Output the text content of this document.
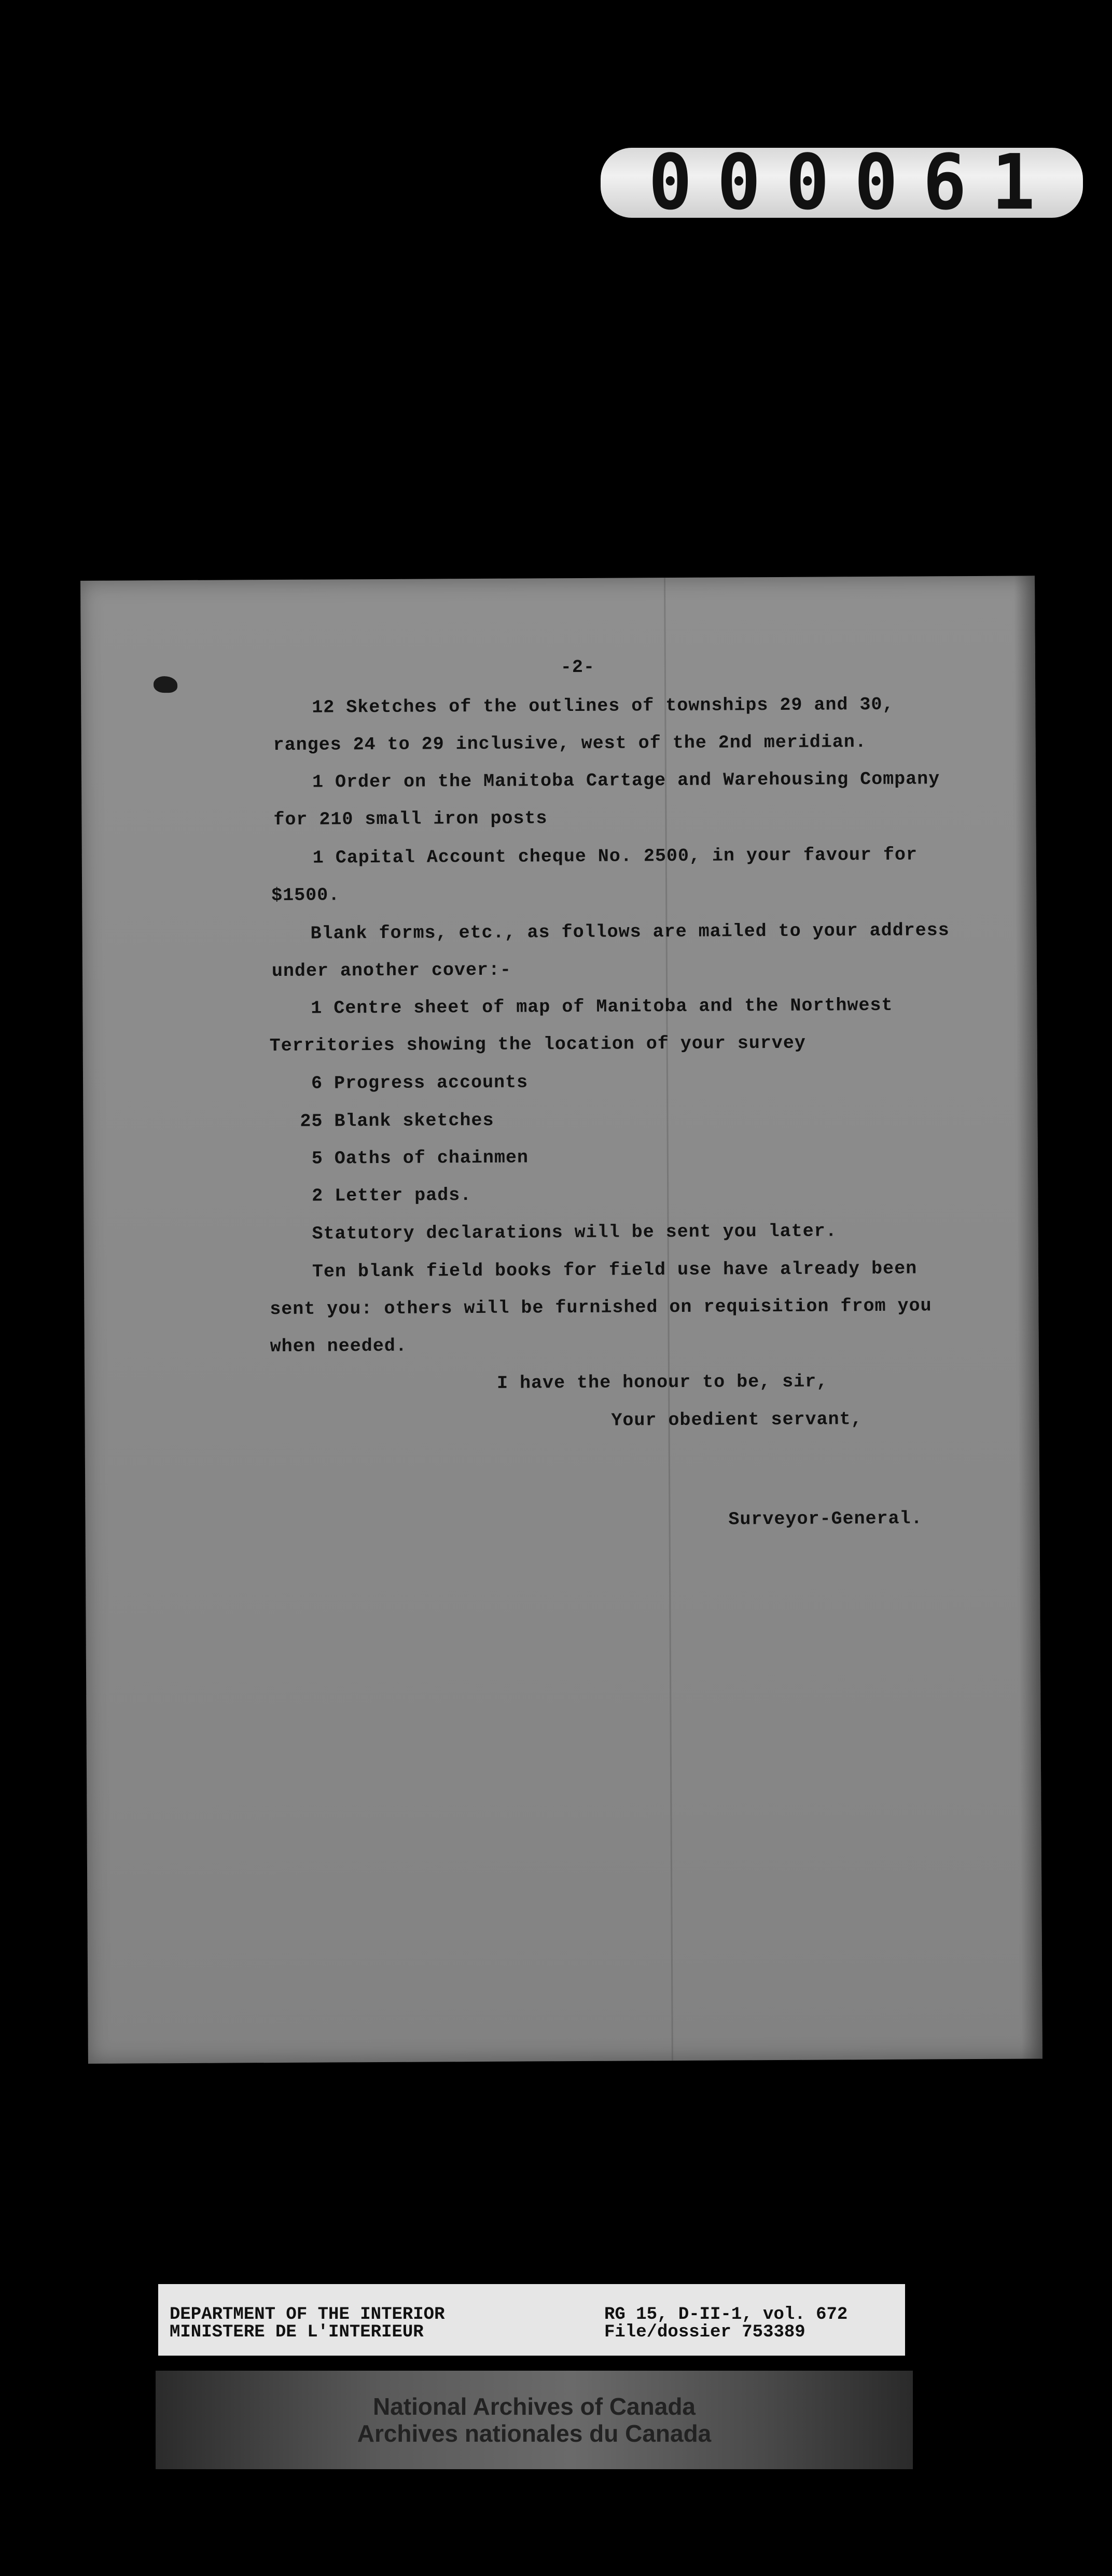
000061

-2-

12 Sketches of the outlines of townships 29 and 30,

ranges 24 to 29 inclusive, west of the 2nd meridian.

1 Order on the Manitoba Cartage and Warehousing Company

for 210 small iron posts

1 Capital Account cheque No. 2500, in your favour for

$1500.

Blank forms, etc., as follows are mailed to your address

under another cover:-

1 Centre sheet of map of Manitoba and the Northwest

Territories showing the location of your survey

6 Progress accounts

25 Blank sketches

5 Oaths of chainmen

2 Letter pads.

Statutory declarations will be sent you later.

Ten blank field books for field use have already been

sent you: others will be furnished on requisition from you

when needed.

I have the honour to be, sir,

Your obedient servant,

Surveyor-General.

DEPARTMENT OF THE INTERIOR
MINISTERE DE L'INTERIEUR
RG 15, D-II-1, vol. 672
File/dossier 753389
National Archives of Canada
Archives nationales du Canada
